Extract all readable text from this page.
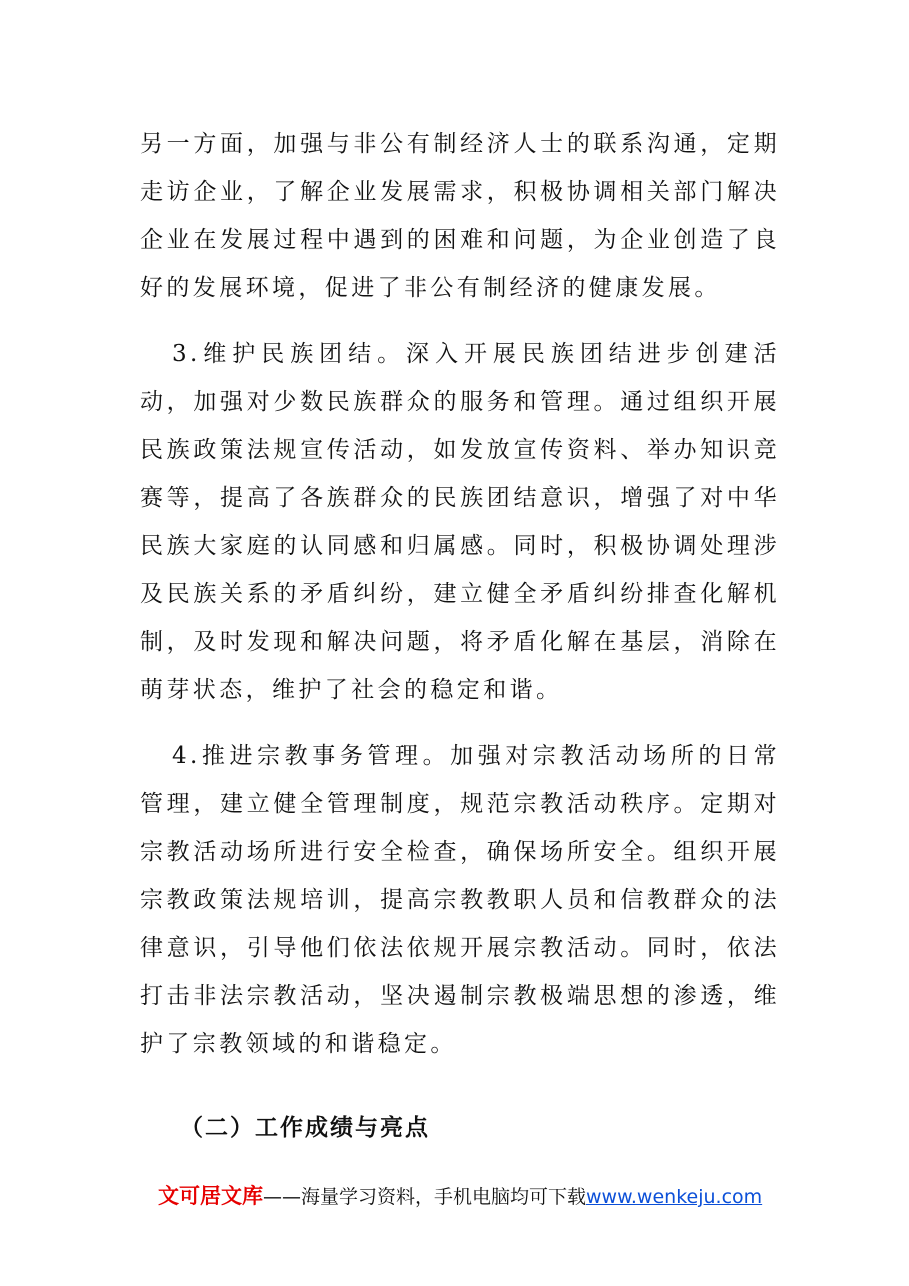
另一方面，加强与非公有制经济人士的联系沟通，定期走访企业，了解企业发展需求，积极协调相关部门解决企业在发展过程中遇到的困难和问题，为企业创造了良好的发展环境，促进了非公有制经济的健康发展。

3.维护民族团结。深入开展民族团结进步创建活动，加强对少数民族群众的服务和管理。通过组织开展民族政策法规宣传活动，如发放宣传资料、举办知识竞赛等，提高了各族群众的民族团结意识，增强了对中华民族大家庭的认同感和归属感。同时，积极协调处理涉及民族关系的矛盾纠纷，建立健全矛盾纠纷排查化解机制，及时发现和解决问题，将矛盾化解在基层，消除在萌芽状态，维护了社会的稳定和谐。

4.推进宗教事务管理。加强对宗教活动场所的日常管理，建立健全管理制度，规范宗教活动秩序。定期对宗教活动场所进行安全检查，确保场所安全。组织开展宗教政策法规培训，提高宗教教职人员和信教群众的法律意识，引导他们依法依规开展宗教活动。同时，依法打击非法宗教活动，坚决遏制宗教极端思想的渗透，维护了宗教领域的和谐稳定。

（二）工作成绩与亮点
文可居文库——海量学习资料，手机电脑均可下载www.wenkeju.com
